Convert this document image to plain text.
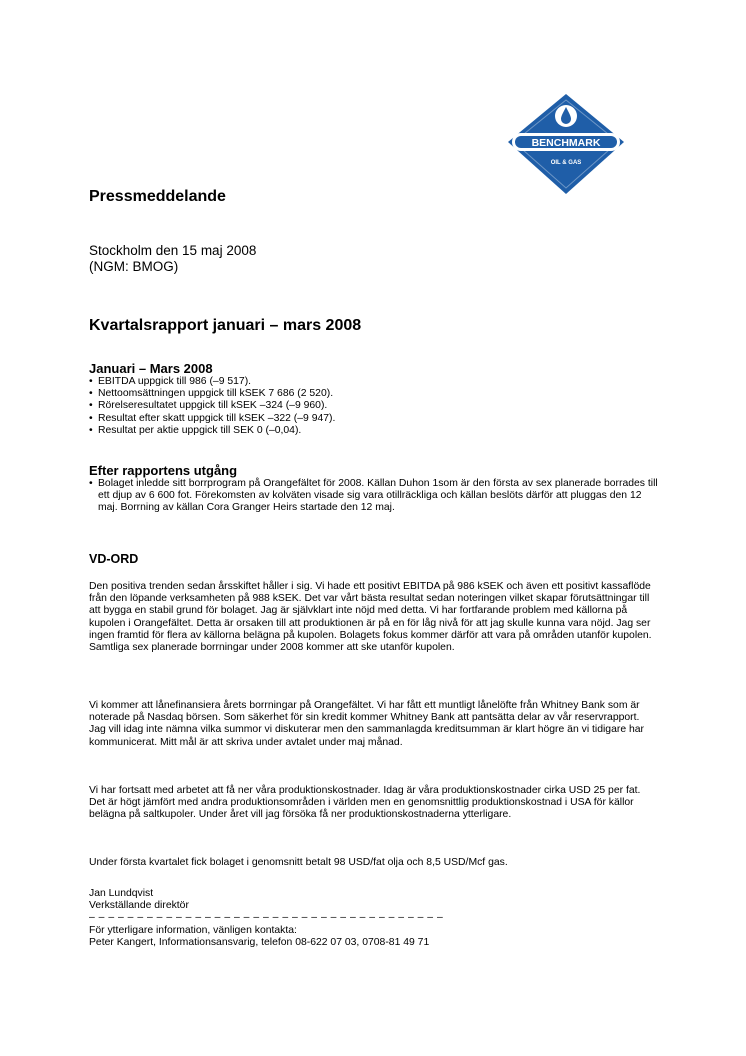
BENCHMARK
OIL & GAS
Pressmeddelande
Stockholm den 15 maj 2008
(NGM: BMOG)
Kvartalsrapport januari – mars 2008
Januari – Mars 2008
• EBITDA uppgick till 986 (–9 517).
• Nettoomsättningen uppgick till kSEK 7 686 (2 520).
• Rörelseresultatet uppgick till kSEK –324 (–9 960).
• Resultat efter skatt uppgick till kSEK –322 (–9 947).
• Resultat per aktie uppgick till SEK 0 (–0,04).
Efter rapportens utgång
• Bolaget inledde sitt borrprogram på Orangefältet för 2008. Källan Duhon 1som är den första av sex planerade borrades till ett djup av 6 600 fot. Förekomsten av kolväten visade sig vara otillräckliga och källan beslöts därför att pluggas den 12 maj. Borrning av källan Cora Granger Heirs startade den 12 maj.
VD-ORD

Den positiva trenden sedan årsskiftet håller i sig. Vi hade ett positivt EBITDA på 986 kSEK och även ett positivt kassaflöde från den löpande verksamheten på 988 kSEK. Det var vårt bästa resultat sedan noteringen vilket skapar förutsättningar till att bygga en stabil grund för bolaget. Jag är självklart inte nöjd med detta. Vi har fortfarande problem med källorna på kupolen i Orangefältet. Detta är orsaken till att produktionen är på en för låg nivå för att jag skulle kunna vara nöjd. Jag ser ingen framtid för flera av källorna belägna på kupolen. Bolagets fokus kommer därför att vara på områden utanför kupolen. Samtliga sex planerade borrningar under 2008 kommer att ske utanför kupolen.

Vi kommer att lånefinansiera årets borrningar på Orangefältet. Vi har fått ett muntligt lånelöfte från Whitney Bank som är noterade på Nasdaq börsen. Som säkerhet för sin kredit kommer Whitney Bank att pantsätta delar av vår reservrapport. Jag vill idag inte nämna vilka summor vi diskuterar men den sammanlagda kreditsumman är klart högre än vi tidigare har kommunicerat. Mitt mål är att skriva under avtalet under maj månad.

Vi har fortsatt med arbetet att få ner våra produktionskostnader. Idag är våra produktionskostnader cirka USD 25 per fat. Det är högt jämfört med andra produktionsområden i världen men en genomsnittlig produktionskostnad i USA för källor belägna på saltkupoler. Under året vill jag försöka få ner produktionskostnaderna ytterligare.

Under första kvartalet fick bolaget i genomsnitt betalt 98 USD/fat olja och 8,5 USD/Mcf gas.

Jan Lundqvist
Verkställande direktör
– – – – – – – – – – – – – – – – – – – – – – – – – – – – – – – – – – – – –
För ytterligare information, vänligen kontakta:
Peter Kangert, Informationsansvarig, telefon 08-622 07 03, 0708-81 49 71
